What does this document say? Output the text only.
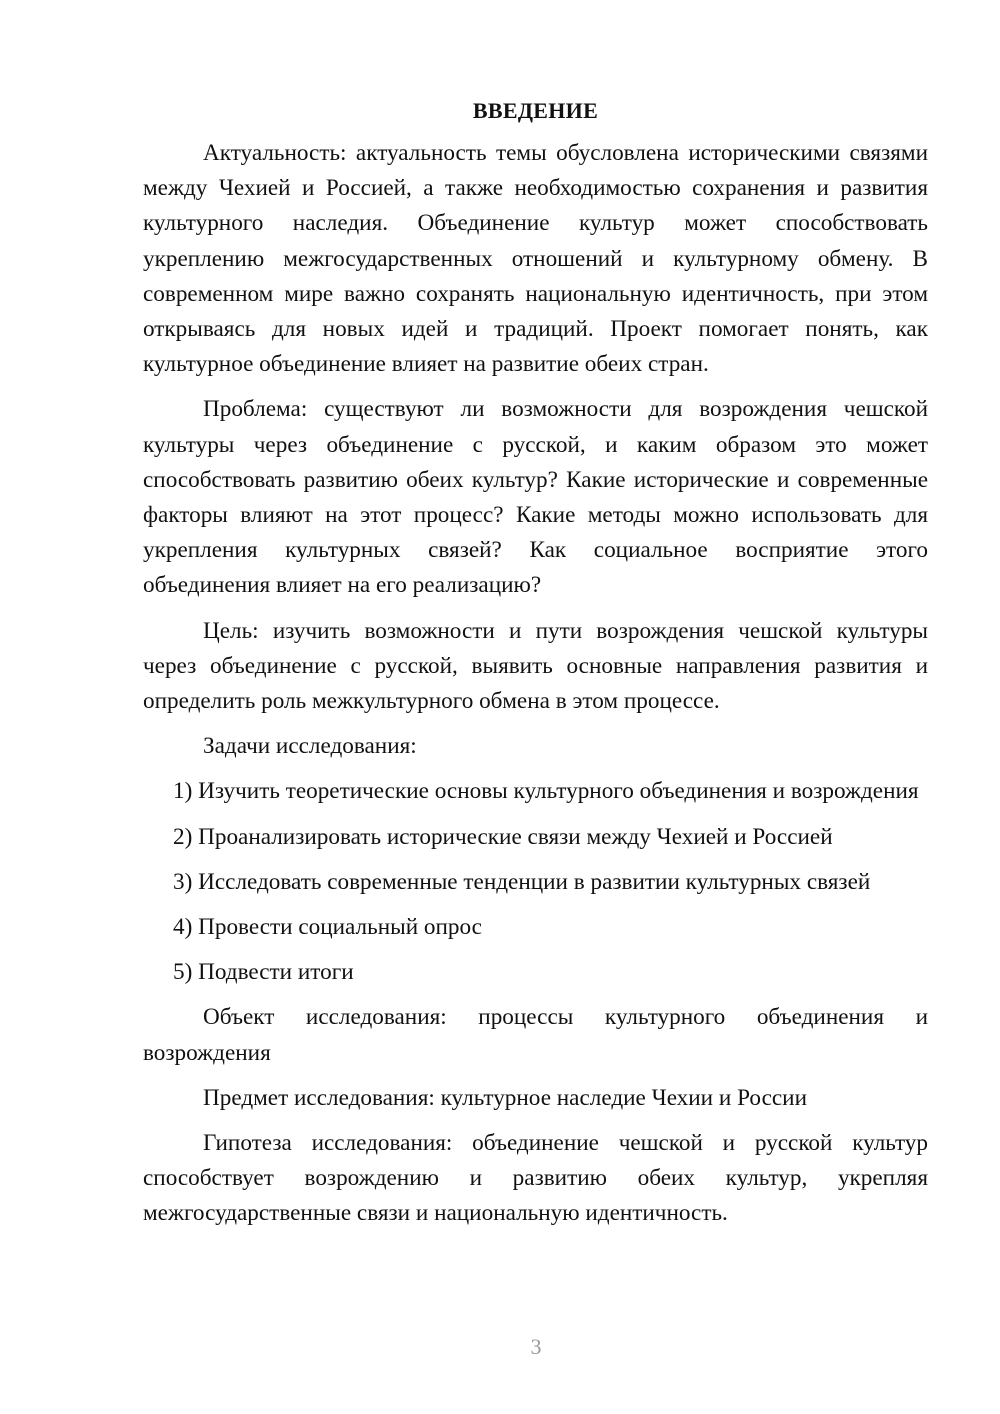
ВВЕДЕНИЕ

Актуальность: актуальность темы обусловлена историческими связями между Чехией и Россией, а также необходимостью сохранения и развития культурного наследия. Объединение культур может способствовать укреплению межгосударственных отношений и культурному обмену. В современном мире важно сохранять национальную идентичность, при этом открываясь для новых идей и традиций. Проект помогает понять, как культурное объединение влияет на развитие обеих стран.

Проблема: существуют ли возможности для возрождения чешской культуры через объединение с русской, и каким образом это может способствовать развитию обеих культур? Какие исторические и современные факторы влияют на этот процесс? Какие методы можно использовать для укрепления культурных связей? Как социальное восприятие этого объединения влияет на его реализацию?

Цель: изучить возможности и пути возрождения чешской культуры через объединение с русской, выявить основные направления развития и определить роль межкультурного обмена в этом процессе.

Задачи исследования:

1) Изучить теоретические основы культурного объединения и возрождения

2) Проанализировать исторические связи между Чехией и Россией

3) Исследовать современные тенденции в развитии культурных связей

4) Провести социальный опрос

5) Подвести итоги

Объект исследования: процессы культурного объединения и возрождения

Предмет исследования: культурное наследие Чехии и России

Гипотеза исследования: объединение чешской и русской культур способствует возрождению и развитию обеих культур, укрепляя межгосударственные связи и национальную идентичность.

3
